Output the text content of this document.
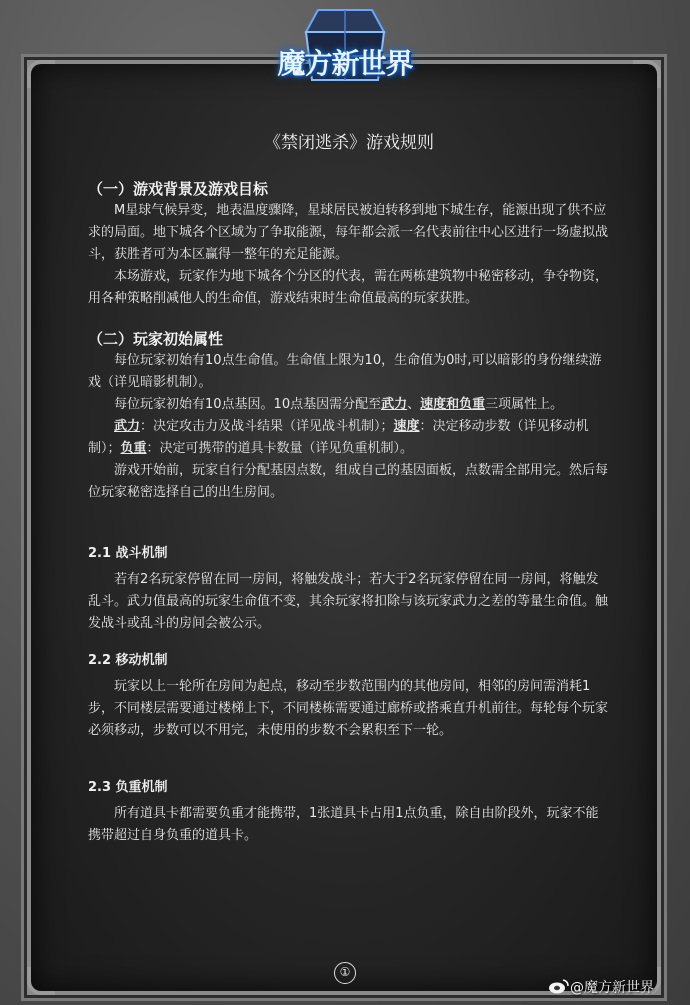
魔方新世界
《禁闭逃杀》游戏规则

（一）游戏背景及游戏目标

M星球气候异变，地表温度骤降，星球居民被迫转移到地下城生存，能源出现了供不应求的局面。地下城各个区域为了争取能源，每年都会派一名代表前往中心区进行一场虚拟战斗，获胜者可为本区赢得一整年的充足能源。

本场游戏，玩家作为地下城各个分区的代表，需在两栋建筑物中秘密移动，争夺物资，用各种策略削减他人的生命值，游戏结束时生命值最高的玩家获胜。

（二）玩家初始属性

每位玩家初始有10点生命值。生命值上限为10，生命值为0时,可以暗影的身份继续游戏（详见暗影机制）。

每位玩家初始有10点基因。10点基因需分配至武力、速度和负重三项属性上。

武力：决定攻击力及战斗结果（详见战斗机制）；速度：决定移动步数（详见移动机制）；负重：决定可携带的道具卡数量（详见负重机制）。

游戏开始前，玩家自行分配基因点数，组成自己的基因面板，点数需全部用完。然后每位玩家秘密选择自己的出生房间。

2.1 战斗机制

若有2名玩家停留在同一房间，将触发战斗；若大于2名玩家停留在同一房间，将触发乱斗。武力值最高的玩家生命值不变，其余玩家将扣除与该玩家武力之差的等量生命值。触发战斗或乱斗的房间会被公示。

2.2 移动机制

玩家以上一轮所在房间为起点，移动至步数范围内的其他房间，相邻的房间需消耗1步，不同楼层需要通过楼梯上下，不同楼栋需要通过廊桥或搭乘直升机前往。每轮每个玩家必须移动，步数可以不用完，未使用的步数不会累积至下一轮。

2.3 负重机制

所有道具卡都需要负重才能携带，1张道具卡占用1点负重，除自由阶段外，玩家不能携带超过自身负重的道具卡。

①
@魔方新世界
